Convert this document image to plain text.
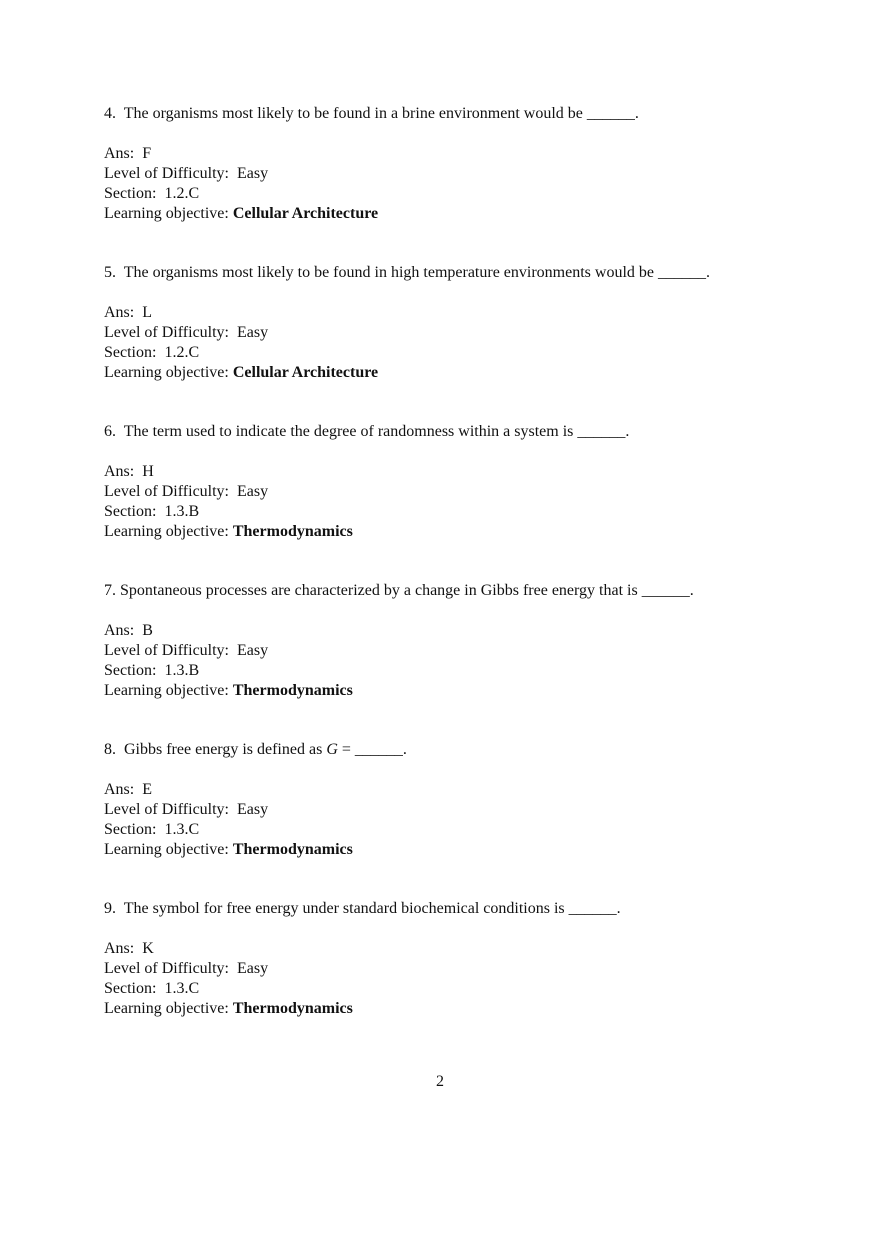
4. The organisms most likely to be found in a brine environment would be ______.
Ans: F
Level of Difficulty: Easy
Section: 1.2.C
Learning objective: Cellular Architecture
5. The organisms most likely to be found in high temperature environments would be ______.
Ans: L
Level of Difficulty: Easy
Section: 1.2.C
Learning objective: Cellular Architecture
6. The term used to indicate the degree of randomness within a system is ______.
Ans: H
Level of Difficulty: Easy
Section: 1.3.B
Learning objective: Thermodynamics
7. Spontaneous processes are characterized by a change in Gibbs free energy that is ______.
Ans: B
Level of Difficulty: Easy
Section: 1.3.B
Learning objective: Thermodynamics
8. Gibbs free energy is defined as G = ______.
Ans: E
Level of Difficulty: Easy
Section: 1.3.C
Learning objective: Thermodynamics
9. The symbol for free energy under standard biochemical conditions is ______.
Ans: K
Level of Difficulty: Easy
Section: 1.3.C
Learning objective: Thermodynamics
2
